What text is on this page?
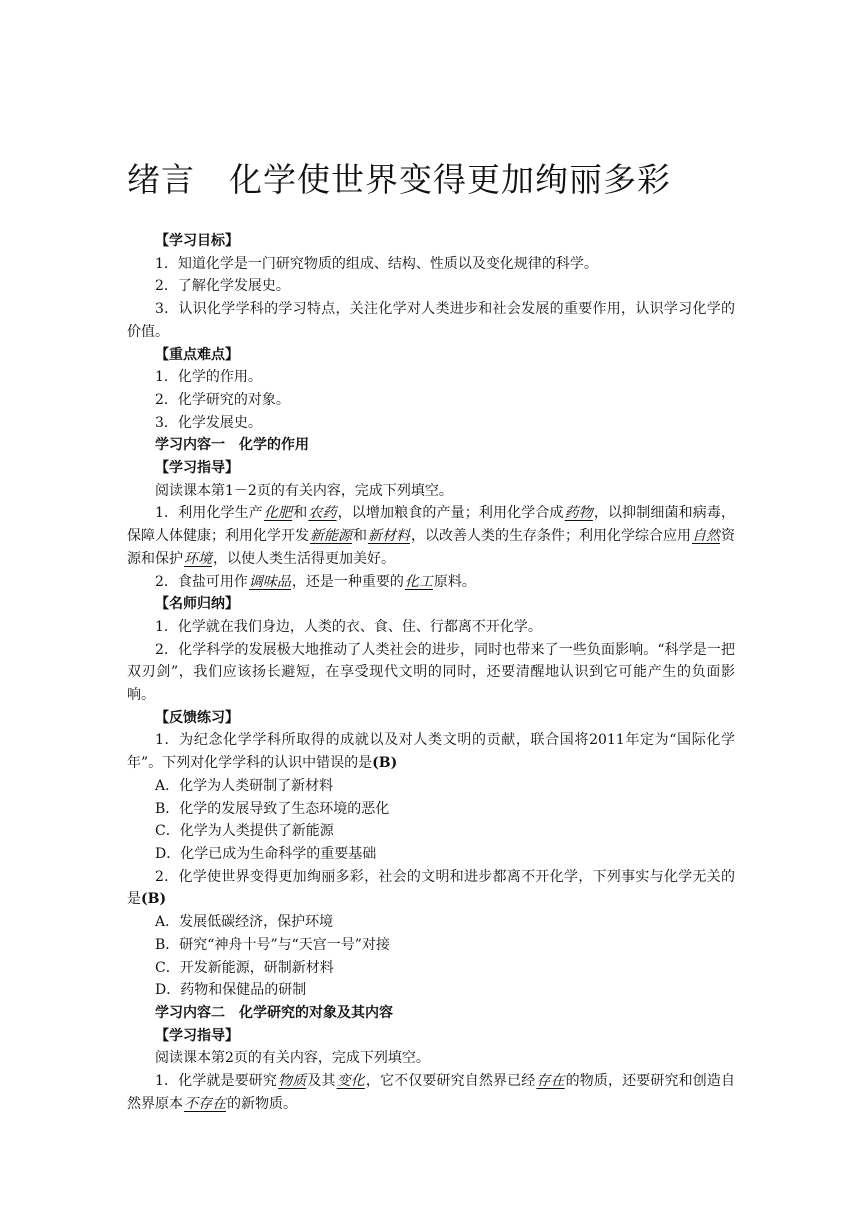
绪言　化学使世界变得更加绚丽多彩

【学习目标】

1．知道化学是一门研究物质的组成、结构、性质以及变化规律的科学。

2．了解化学发展史。

3．认识化学学科的学习特点，关注化学对人类进步和社会发展的重要作用，认识学习化学的价值。

【重点难点】

1．化学的作用。

2．化学研究的对象。

3．化学发展史。

学习内容一　化学的作用

【学习指导】

阅读课本第1－2页的有关内容，完成下列填空。

1．利用化学生产化肥和农药，以增加粮食的产量；利用化学合成药物，以抑制细菌和病毒，保障人体健康；利用化学开发新能源和新材料，以改善人类的生存条件；利用化学综合应用自然资源和保护环境，以使人类生活得更加美好。

2．食盐可用作调味品，还是一种重要的化工原料。

【名师归纳】

1．化学就在我们身边，人类的衣、食、住、行都离不开化学。

2．化学科学的发展极大地推动了人类社会的进步，同时也带来了一些负面影响。“科学是一把双刃剑”，我们应该扬长避短，在享受现代文明的同时，还要清醒地认识到它可能产生的负面影响。

【反馈练习】

1．为纪念化学学科所取得的成就以及对人类文明的贡献，联合国将2011年定为“国际化学年”。下列对化学学科的认识中错误的是(B)

A．化学为人类研制了新材料

B．化学的发展导致了生态环境的恶化

C．化学为人类提供了新能源

D．化学已成为生命科学的重要基础

2．化学使世界变得更加绚丽多彩，社会的文明和进步都离不开化学，下列事实与化学无关的是(B)

A．发展低碳经济，保护环境

B．研究“神舟十号”与“天宫一号”对接

C．开发新能源，研制新材料

D．药物和保健品的研制

学习内容二　化学研究的对象及其内容

【学习指导】

阅读课本第2页的有关内容，完成下列填空。

1．化学就是要研究物质及其变化，它不仅要研究自然界已经存在的物质，还要研究和创造自然界原本不存在的新物质。
